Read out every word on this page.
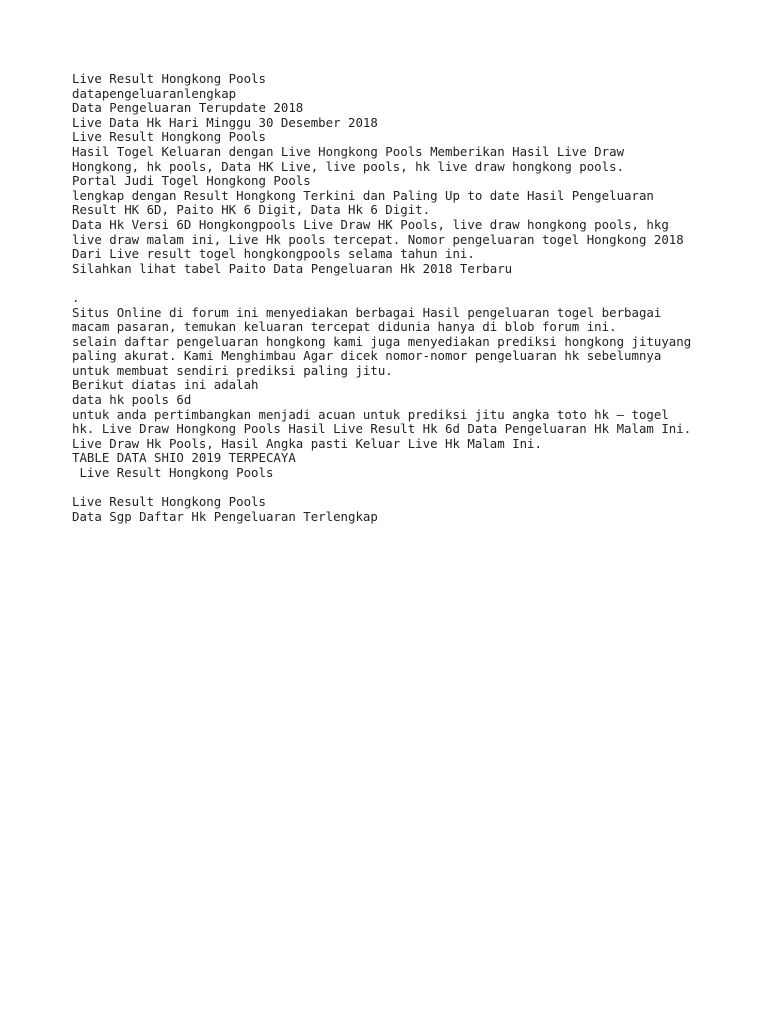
Live Result Hongkong Pools
datapengeluaranlengkap
Data Pengeluaran Terupdate 2018
Live Data Hk Hari Minggu 30 Desember 2018
Live Result Hongkong Pools
Hasil Togel Keluaran dengan Live Hongkong Pools Memberikan Hasil Live Draw
Hongkong, hk pools, Data HK Live, live pools, hk live draw hongkong pools.
Portal Judi Togel Hongkong Pools
lengkap dengan Result Hongkong Terkini dan Paling Up to date Hasil Pengeluaran
Result HK 6D, Paito HK 6 Digit, Data Hk 6 Digit.
Data Hk Versi 6D Hongkongpools Live Draw HK Pools, live draw hongkong pools, hkg
live draw malam ini, Live Hk pools tercepat. Nomor pengeluaran togel Hongkong 2018
Dari Live result togel hongkongpools selama tahun ini.
Silahkan lihat tabel Paito Data Pengeluaran Hk 2018 Terbaru
.
Situs Online di forum ini menyediakan berbagai Hasil pengeluaran togel berbagai
macam pasaran, temukan keluaran tercepat didunia hanya di blob forum ini.
selain daftar pengeluaran hongkong kami juga menyediakan prediksi hongkong jituyang
paling akurat. Kami Menghimbau Agar dicek nomor-nomor pengeluaran hk sebelumnya
untuk membuat sendiri prediksi paling jitu.
Berikut diatas ini adalah
data hk pools 6d
untuk anda pertimbangkan menjadi acuan untuk prediksi jitu angka toto hk – togel
hk. Live Draw Hongkong Pools Hasil Live Result Hk 6d Data Pengeluaran Hk Malam Ini.
Live Draw Hk Pools, Hasil Angka pasti Keluar Live Hk Malam Ini.
TABLE DATA SHIO 2019 TERPECAYA
Live Result Hongkong Pools
Live Result Hongkong Pools
Data Sgp Daftar Hk Pengeluaran Terlengkap
